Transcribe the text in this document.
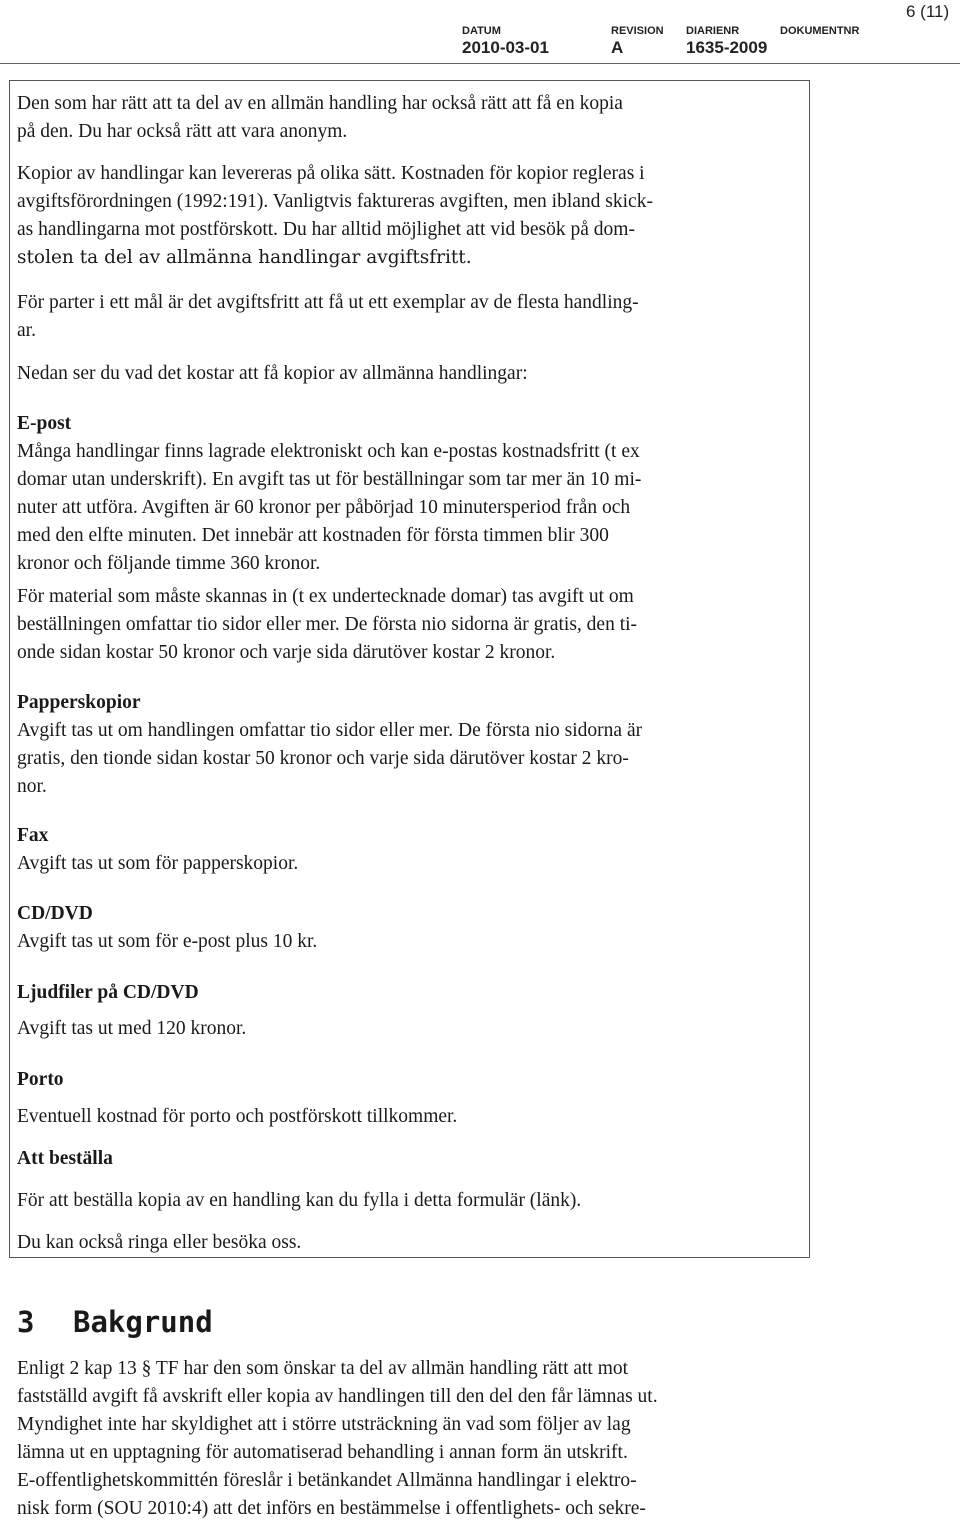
DATUM
2010-03-01
REVISION
A
DIARIENR
1635-2009
DOKUMENTNR
6 (11)
Den som har rätt att ta del av en allmän handling har också rätt att få en kopia
på den. Du har också rätt att vara anonym.
Kopior av handlingar kan levereras på olika sätt. Kostnaden för kopior regleras i
avgiftsförordningen (1992:191). Vanligtvis faktureras avgiften, men ibland skick-
as handlingarna mot postförskott. Du har alltid möjlighet att vid besök på dom-
stolen ta del av allmänna handlingar avgiftsfritt.
För parter i ett mål är det avgiftsfritt att få ut ett exemplar av de flesta handling-
ar.
Nedan ser du vad det kostar att få kopior av allmänna handlingar:
E-post
Många handlingar finns lagrade elektroniskt och kan e-postas kostnadsfritt (t ex
domar utan underskrift). En avgift tas ut för beställningar som tar mer än 10 mi-
nuter att utföra. Avgiften är 60 kronor per påbörjad 10 minutersperiod från och
med den elfte minuten. Det innebär att kostnaden för första timmen blir 300
kronor och följande timme 360 kronor.
För material som måste skannas in (t ex undertecknade domar) tas avgift ut om
beställningen omfattar tio sidor eller mer. De första nio sidorna är gratis, den ti-
onde sidan kostar 50 kronor och varje sida därutöver kostar 2 kronor.
Papperskopior
Avgift tas ut om handlingen omfattar tio sidor eller mer. De första nio sidorna är
gratis, den tionde sidan kostar 50 kronor och varje sida därutöver kostar 2 kro-
nor.
Fax
Avgift tas ut som för papperskopior.
CD/DVD
Avgift tas ut som för e-post plus 10 kr.
Ljudfiler på CD/DVD
Avgift tas ut med 120 kronor.
Porto
Eventuell kostnad för porto och postförskott tillkommer.
Att beställa
För att beställa kopia av en handling kan du fylla i detta formulär (länk).
Du kan också ringa eller besöka oss.
3 Bakgrund
Enligt 2 kap 13 § TF har den som önskar ta del av allmän handling rätt att mot
fastställd avgift få avskrift eller kopia av handlingen till den del den får lämnas ut.
Myndighet inte har skyldighet att i större utsträckning än vad som följer av lag
lämna ut en upptagning för automatiserad behandling i annan form än utskrift.
E-offentlighetskommittén föreslår i betänkandet Allmänna handlingar i elektro-
nisk form (SOU 2010:4) att det införs en bestämmelse i offentlighets- och sekre-
